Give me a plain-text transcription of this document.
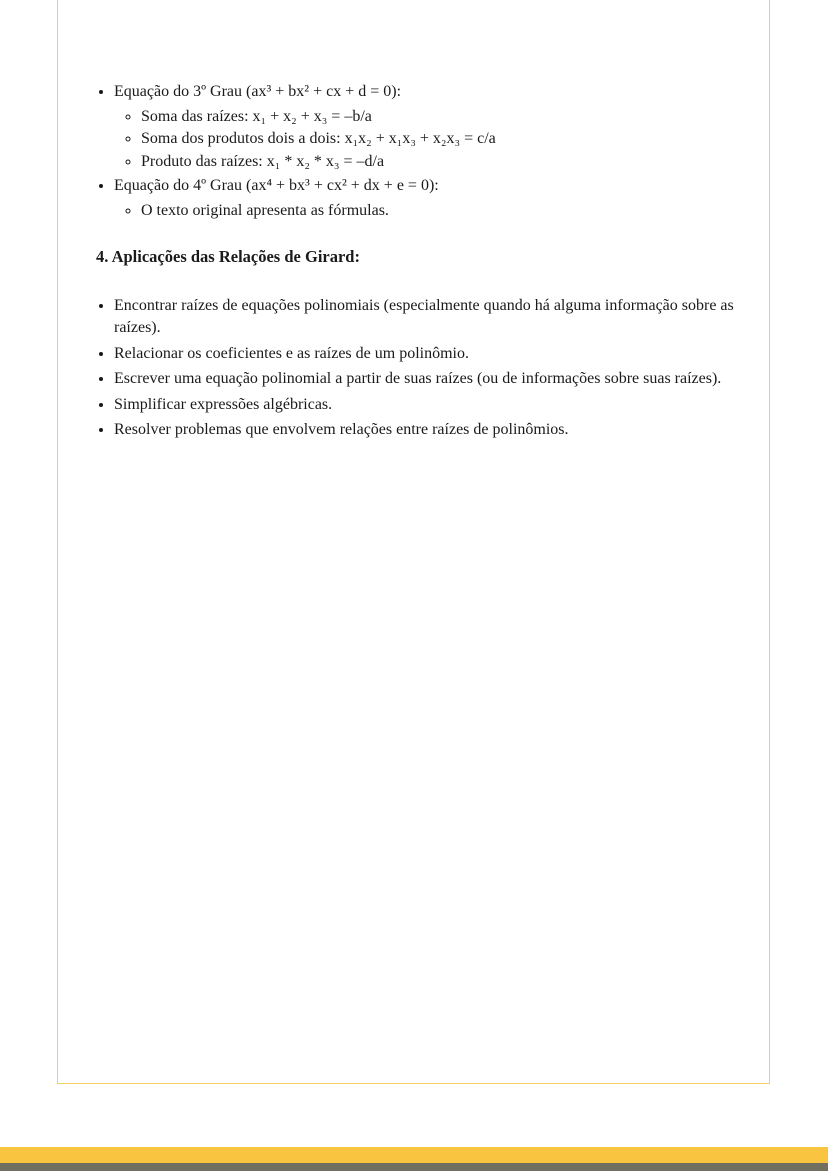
• Equação do 3º Grau (ax³ + bx² + cx + d = 0):
◦ Soma das raízes: x₁ + x₂ + x₃ = –b/a
◦ Soma dos produtos dois a dois: x₁x₂ + x₁x₃ + x₂x₃ = c/a
◦ Produto das raízes: x₁ * x₂ * x₃ = –d/a
• Equação do 4º Grau (ax⁴ + bx³ + cx² + dx + e = 0):
◦ O texto original apresenta as fórmulas.

4. Aplicações das Relações de Girard:

• Encontrar raízes de equações polinomiais (especialmente quando há alguma informação sobre as raízes).
• Relacionar os coeficientes e as raízes de um polinômio.
• Escrever uma equação polinomial a partir de suas raízes (ou de informações sobre suas raízes).
• Simplificar expressões algébricas.
• Resolver problemas que envolvem relações entre raízes de polinômios.
